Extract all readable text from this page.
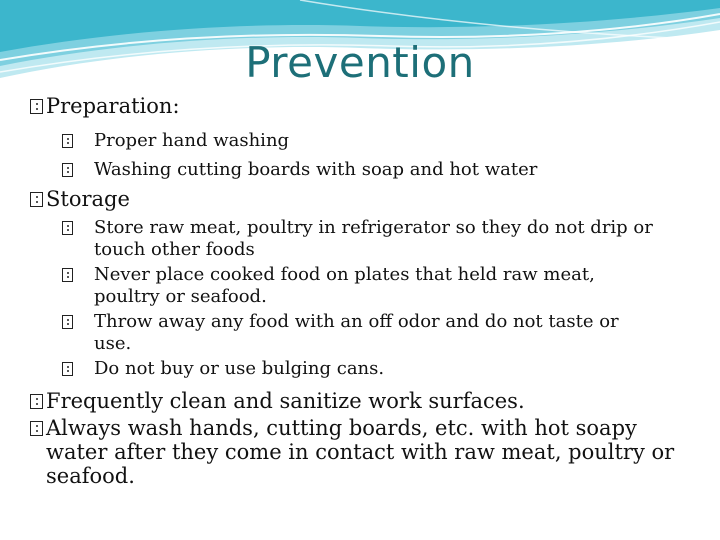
Prevention
Preparation:
Proper hand washing
Washing cutting boards with soap and hot water
Storage
Store raw meat, poultry in refrigerator so they do not drip or touch other foods
Never place cooked food on plates that held raw meat, poultry or seafood.
Throw away any food with an off odor and do not taste or use.
Do not buy or use bulging cans.
Frequently clean and sanitize work surfaces.
Always wash hands, cutting boards, etc. with hot soapy water after they come in contact with raw meat, poultry or seafood.
